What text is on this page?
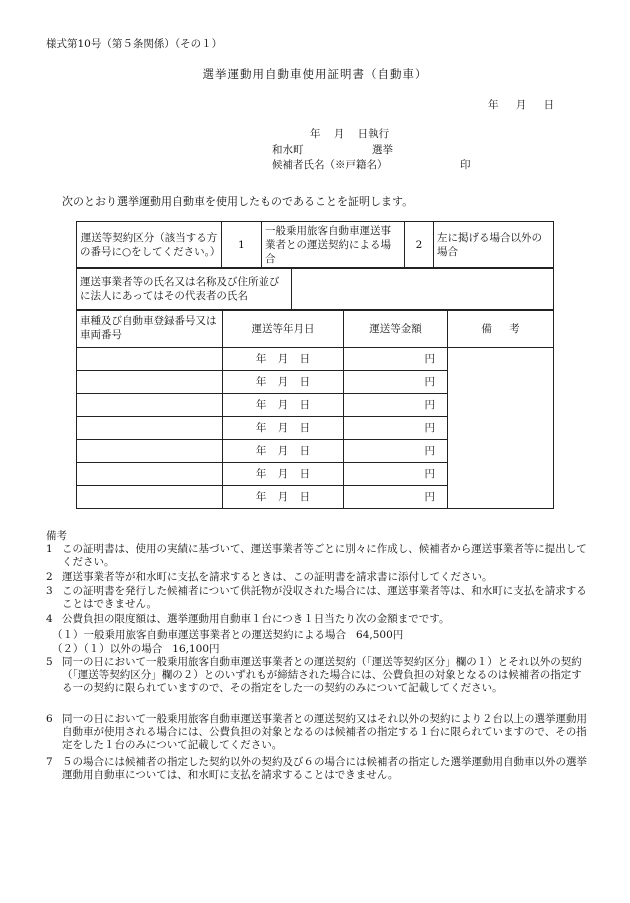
様式第10号（第５条関係）（その１）
選挙運動用自動車使用証明書（自動車）
年 月 日
年 月 日執行
和水町	選挙
候補者氏名（※戸籍名）	印
次のとおり選挙運動用自動車を使用したものであることを証明します。
運送等契約区分（該当する方の番号に○をしてください。）	1	一般乗用旅客自動車運送事業者との運送契約による場合	2	左に掲げる場合以外の場合
運送事業者等の氏名又は名称及び住所並びに法人にあってはその代表者の氏名	
車種及び自動車登録番号又は車両番号	運送等年月日	運送等金額	備 考
	年 月 日	円	
	年 月 日	円	
	年 月 日	円	
	年 月 日	円	
	年 月 日	円	
	年 月 日	円	
	年 月 日	円	
備考
1 この証明書は、使用の実績に基づいて、運送事業者等ごとに別々に作成し、候補者から運送事業者等に提出してください。
2 運送事業者等が和水町に支払を請求するときは、この証明書を請求書に添付してください。
3 この証明書を発行した候補者について供託物が没収された場合には、運送事業者等は、和水町に支払を請求することはできません。
4 公費負担の限度額は、選挙運動用自動車１台につき１日当たり次の金額までです。
（１）一般乗用旅客自動車運送事業者との運送契約による場合 64,500円
（２）（１）以外の場合 16,100円
5 同一の日において一般乗用旅客自動車運送事業者との運送契約（「運送等契約区分」欄の１）とそれ以外の契約（「運送等契約区分」欄の２）とのいずれもが締結された場合には、公費負担の対象となるのは候補者の指定する一の契約に限られていますので、その指定をした一の契約のみについて記載してください。
6 同一の日において一般乗用旅客自動車運送事業者との運送契約又はそれ以外の契約により２台以上の選挙運動用自動車が使用される場合には、公費負担の対象となるのは候補者の指定する１台に限られていますので、その指定をした１台のみについて記載してください。
7 ５の場合には候補者の指定した契約以外の契約及び６の場合には候補者の指定した選挙運動用自動車以外の選挙運動用自動車については、和水町に支払を請求することはできません。
